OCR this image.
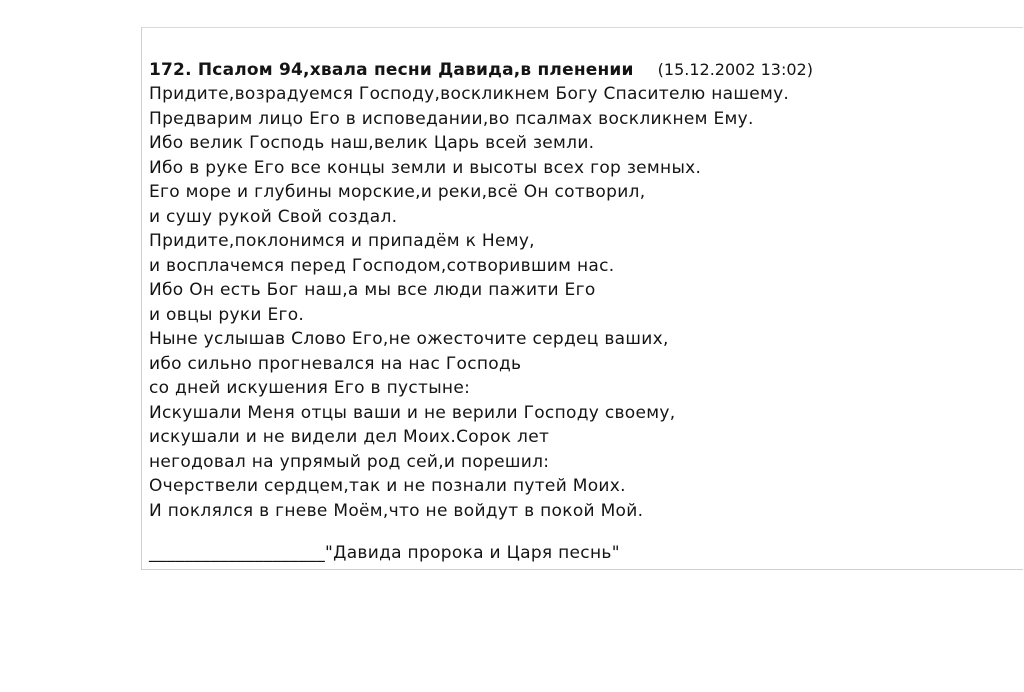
172. Псалом 94,хвала песни Давида,в пленении (15.12.2002 13:02)
Придите,возрадуемся Господу,воскликнем Богу Спасителю нашему.
Предварим лицо Его в исповедании,во псалмах воскликнем Ему.
Ибо велик Господь наш,велик Царь всей земли.
Ибо в руке Его все концы земли и высоты всех гор земных.
Его море и глубины морские,и реки,всё Он сотворил,
и сушу рукой Свой создал.
Придите,поклонимся и припадём к Нему,
и восплачемся перед Господом,сотворившим нас.
Ибо Он есть Бог наш,а мы все люди пажити Его
и овцы руки Его.
Ныне услышав Слово Его,не ожесточите сердец ваших,
ибо сильно прогневался на нас Господь
со дней искушения Его в пустыне:
Искушали Меня отцы ваши и не верили Господу своему,
искушали и не видели дел Моих.Сорок лет
негодовал на упрямый род сей,и порешил:
Очерствели сердцем,так и не познали путей Моих.
И поклялся в гневе Моём,что не войдут в покой Мой.
____________________"Давида пророка и Царя песнь"
